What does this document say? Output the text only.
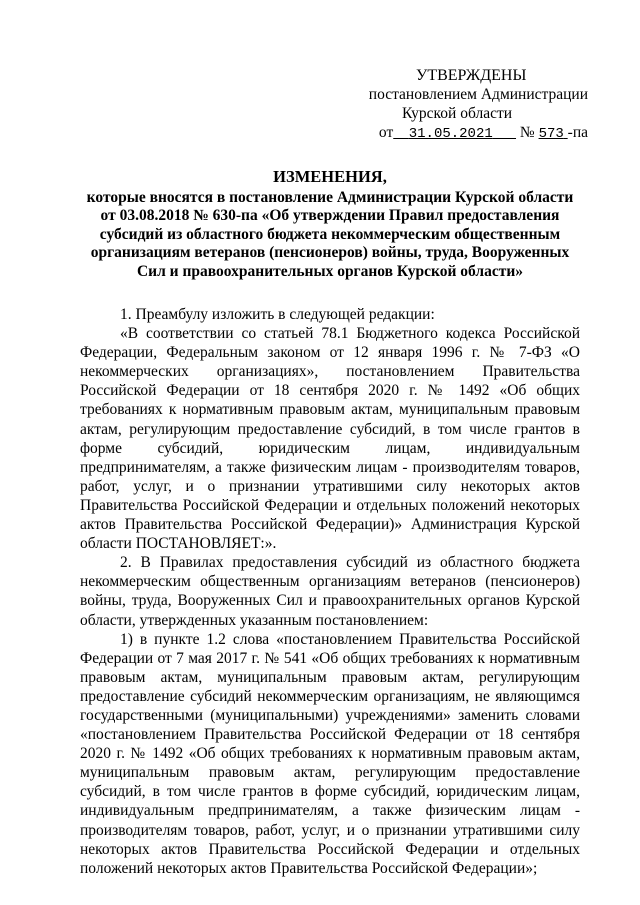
УТВЕРЖДЕНЫ
постановлением Администрации
Курской области
от 31.05.2021 № 573 -па
ИЗМЕНЕНИЯ,
которые вносятся в постановление Администрации Курской области
от 03.08.2018 № 630-па «Об утверждении Правил предоставления
субсидий из областного бюджета некоммерческим общественным
организациям ветеранов (пенсионеров) войны, труда, Вооруженных
Сил и правоохранительных органов Курской области»
1. Преамбулу изложить в следующей редакции:
«В соответствии со статьей 78.1 Бюджетного кодекса Российской
Федерации, Федеральным законом от 12 января 1996 г. № 7-ФЗ «О
некоммерческих организациях», постановлением Правительства
Российской Федерации от 18 сентября 2020 г. № 1492 «Об общих
требованиях к нормативным правовым актам, муниципальным правовым
актам, регулирующим предоставление субсидий, в том числе грантов в
форме субсидий, юридическим лицам, индивидуальным
предпринимателям, а также физическим лицам - производителям товаров,
работ, услуг, и о признании утратившими силу некоторых актов
Правительства Российской Федерации и отдельных положений некоторых
актов Правительства Российской Федерации)» Администрация Курской
области ПОСТАНОВЛЯЕТ:».
2. В Правилах предоставления субсидий из областного бюджета
некоммерческим общественным организациям ветеранов (пенсионеров)
войны, труда, Вооруженных Сил и правоохранительных органов Курской
области, утвержденных указанным постановлением:
1) в пункте 1.2 слова «постановлением Правительства Российской
Федерации от 7 мая 2017 г. № 541 «Об общих требованиях к нормативным
правовым актам, муниципальным правовым актам, регулирующим
предоставление субсидий некоммерческим организациям, не являющимся
государственными (муниципальными) учреждениями» заменить словами
«постановлением Правительства Российской Федерации от 18 сентября
2020 г. № 1492 «Об общих требованиях к нормативным правовым актам,
муниципальным правовым актам, регулирующим предоставление
субсидий, в том числе грантов в форме субсидий, юридическим лицам,
индивидуальным предпринимателям, а также физическим лицам -
производителям товаров, работ, услуг, и о признании утратившими силу
некоторых актов Правительства Российской Федерации и отдельных
положений некоторых актов Правительства Российской Федерации»;
